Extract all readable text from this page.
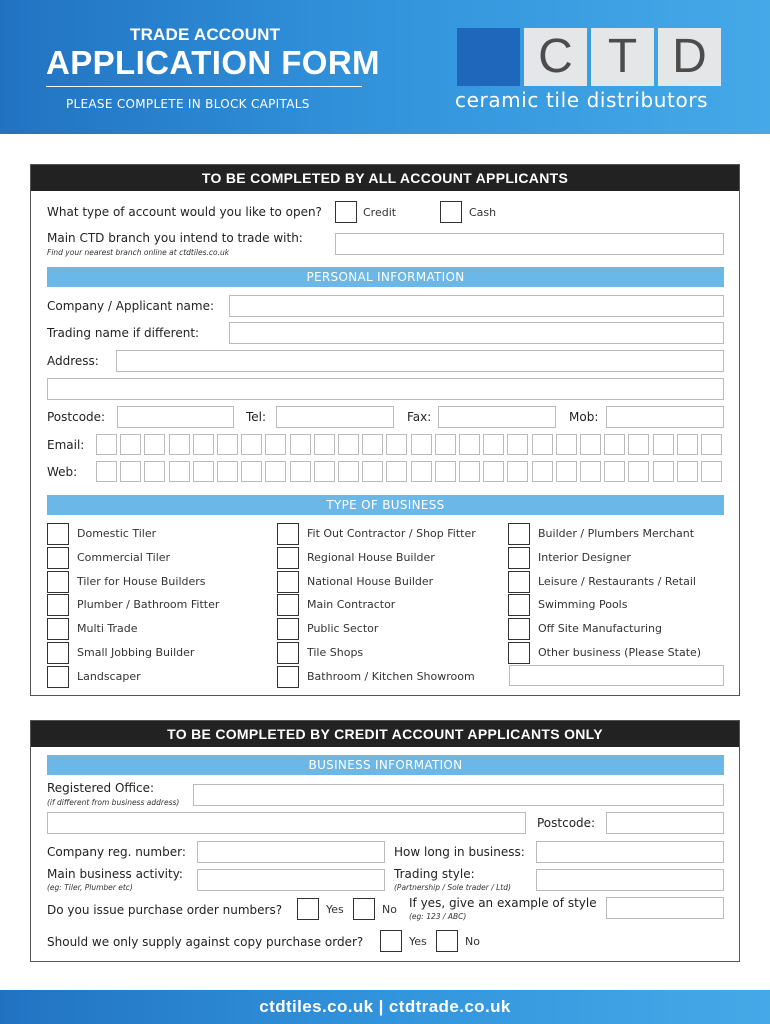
TRADE ACCOUNT
APPLICATION FORM
PLEASE COMPLETE IN BLOCK CAPITALS
C T D
ceramic tile distributors
TO BE COMPLETED BY ALL ACCOUNT APPLICANTS
What type of account would you like to open?	Credit	Cash
Main CTD branch you intend to trade with:
Find your nearest branch online at ctdtiles.co.uk
PERSONAL INFORMATION
Company / Applicant name:
Trading name if different:
Address:
Postcode:	Tel:	Fax:	Mob:
Email:
Web:
TYPE OF BUSINESS
Domestic Tiler
Commercial Tiler
Tiler for House Builders
Plumber / Bathroom Fitter
Multi Trade
Small Jobbing Builder
Landscaper
Fit Out Contractor / Shop Fitter
Regional House Builder
National House Builder
Main Contractor
Public Sector
Tile Shops
Bathroom / Kitchen Showroom
Builder / Plumbers Merchant
Interior Designer
Leisure / Restaurants / Retail
Swimming Pools
Off Site Manufacturing
Other business (Please State)
TO BE COMPLETED BY CREDIT ACCOUNT APPLICANTS ONLY
BUSINESS INFORMATION
Registered Office:
(if different from business address)
Postcode:
Company reg. number:	How long in business:
Main business activity:
(eg: Tiler, Plumber etc)
Trading style:
(Partnership / Sole trader / Ltd)
Do you issue purchase order numbers?	Yes	No If yes, give an example of style
(eg: 123 / ABC)
Should we only supply against copy purchase order?	Yes	No
ctdtiles.co.uk | ctdtrade.co.uk
